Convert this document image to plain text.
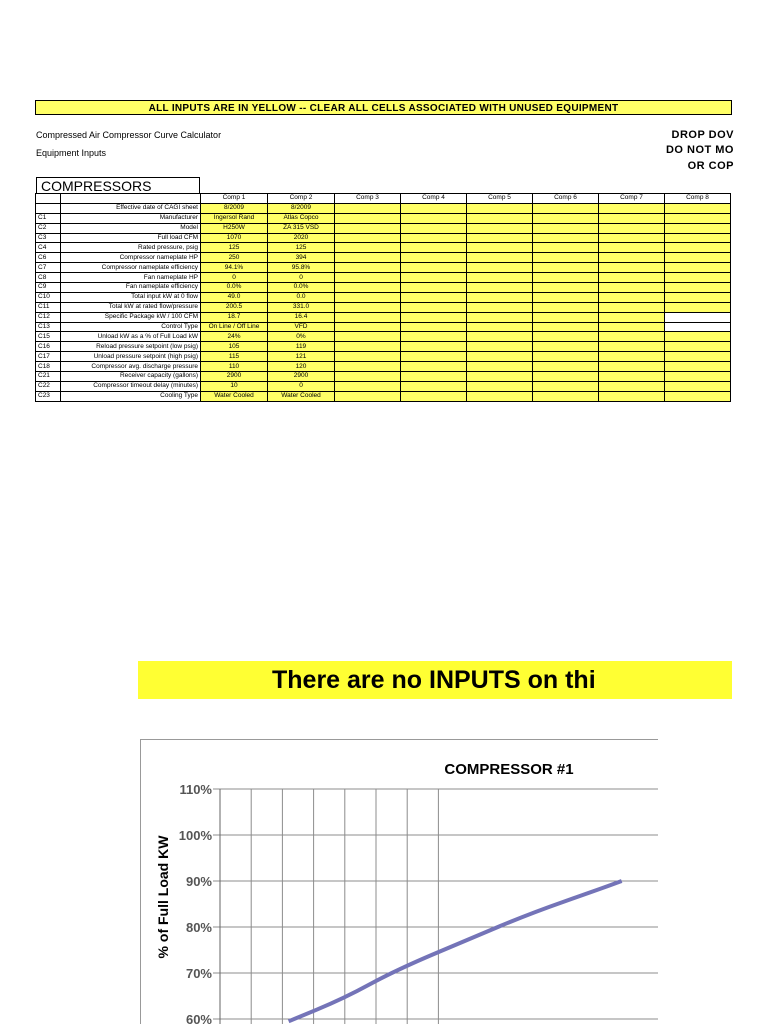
ALL INPUTS ARE IN YELLOW -- CLEAR ALL CELLS ASSOCIATED WITH UNUSED EQUIPMENT
Compressed Air Compressor Curve Calculator
Equipment Inputs
DROP DOV
DO NOT MO
OR COP
COMPRESSORS
		Comp 1	Comp 2	Comp 3	Comp 4	Comp 5	Comp 6	Comp 7	Comp 8
	Effective date of CAGI sheet	8/2009	8/2009						
C1	Manufacturer	Ingersol Rand	Atlas Copco						
C2	Model	H250W	ZA 315 VSD						
C3	Full load CFM	1070	2020						
C4	Rated pressure, psig	125	125						
C6	Compressor nameplate HP	250	394						
C7	Compressor nameplate efficiency	94.1%	95.8%						
C8	Fan nameplate HP	0	0						
C9	Fan nameplate efficiency	0.0%	0.0%						
C10	Total input kW at 0 flow	49.0	0.0						
C11	Total kW at rated flow/pressure	200.5	331.0						
C12	Specific Package kW / 100 CFM	18.7	16.4						
C13	Control Type	On Line / Off Line	VFD						
C15	Unload kW as a % of Full Load kW	24%	0%						
C16	Reload pressure setpoint (low psig)	105	119						
C17	Unload pressure setpoint (high psig)	115	121						
C18	Compressor avg. discharge pressure	110	120						
C21	Receiver capacity (gallons)	2900	2900						
C22	Compressor timeout delay (minutes)	10	0						
C23	Cooling Type	Water Cooled	Water Cooled						
There are no INPUTS on thi
COMPRESSOR #1
% of Full Load KW
60%
70%
80%
90%
100%
110%
